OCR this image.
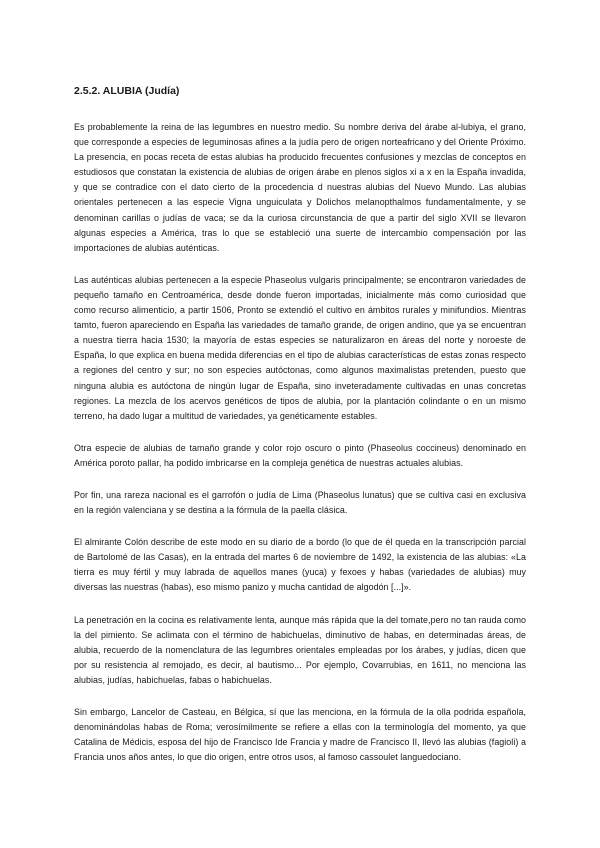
2.5.2. ALUBIA (Judía)

Es probablemente la reina de las legumbres en nuestro medio. Su nombre deriva del árabe al-lubiya, el grano, que corresponde a especies de leguminosas afines a la judía pero de origen norteafricano y del Oriente Próximo. La presencia, en pocas receta de estas alubias ha producido frecuentes confusiones y mezclas de conceptos en estudiosos que constatan la existencia de alubias de origen árabe en plenos siglos xi a x en la España invadida, y que se contradice con el dato cierto de la procedencia d nuestras alubias del Nuevo Mundo. Las alubias orientales pertenecen a las especie Vigna unguiculata y Dolichos melanopthalmos fundamentalmente, y se denominan carillas o judías de vaca; se da la curiosa circunstancia de que a partir del siglo XVII se llevaron algunas especies a América, tras lo que se estableció una suerte de intercambio compensación por las importaciones de alubias auténticas.

Las auténticas alubias pertenecen a la especie Phaseolus vulgaris principalmente; se encontraron variedades de pequeño tamaño en Centroamérica, desde donde fueron importadas, inicialmente más como curiosidad que como recurso alimenticio, a partir 1506, Pronto se extendió el cultivo en ámbitos rurales y minifundios. Mientras tamto, fueron apareciendo en España las variedades de tamaño grande, de origen andino, que ya se encuentran a nuestra tierra hacia 1530; la mayoría de estas especies se naturalizaron en áreas del norte y noroeste de España, lo que explica en buena medida diferencias en el tipo de alubias características de estas zonas respecto a regiones del centro y sur; no son especies autóctonas, como algunos maximalistas pretenden, puesto que ninguna alubia es autóctona de ningún lugar de España, sino inveteradamente cultivadas en unas concretas regiones. La mezcla de los acervos genéticos de tipos de alubia, por la plantación colindante o en un mismo terreno, ha dado lugar a multitud de variedades, ya genéticamente estables.

Otra especie de alubias de tamaño grande y color rojo oscuro o pinto (Phaseolus coccineus) denominado en América poroto pallar, ha podido imbricarse en la compleja genética de nuestras actuales alubias.

Por fin, una rareza nacional es el garrofón o judía de Lima (Phaseolus lunatus) que se cultiva casi en exclusiva en la región valenciana y se destina a la fórmula de la paella clásica.

El almirante Colón describe de este modo en su diario de a bordo (lo que de él queda en la transcripción parcial de Bartolomé de las Casas), en la entrada del martes 6 de noviembre de 1492, la existencia de las alubias: «La tierra es muy fértil y muy labrada de aquellos manes (yuca) y fexoes y habas (variedades de alubias) muy diversas las nuestras (habas), eso mismo panizo y mucha cantidad de algodón [...]».

La penetración en la cocina es relativamente lenta, aunque más rápida que la del tomate,pero no tan rauda como la del pimiento. Se aclimata con el término de habichuelas, diminutivo de habas, en determinadas áreas, de alubia, recuerdo de la nomenclatura de las legumbres orientales empleadas por los árabes, y judías, dicen que por su resistencia al remojado, es decir, al bautismo... Por ejemplo, Covarrubias, en 1611, no menciona las alubias, judías, habichuelas, fabas o habichuelas.

Sin embargo, Lancelor de Casteau, en Bélgica, sí que las menciona, en la fórmula de la olla podrida española, denominándolas habas de Roma; verosímilmente se refiere a ellas con la terminología del momento, ya que Catalina de Médicis, esposa del hijo de Francisco Ide Francia y madre de Francisco II, llevó las alubias (fagioli) a Francia unos años antes, lo que dio origen, entre otros usos, al famoso cassoulet languedociano.
